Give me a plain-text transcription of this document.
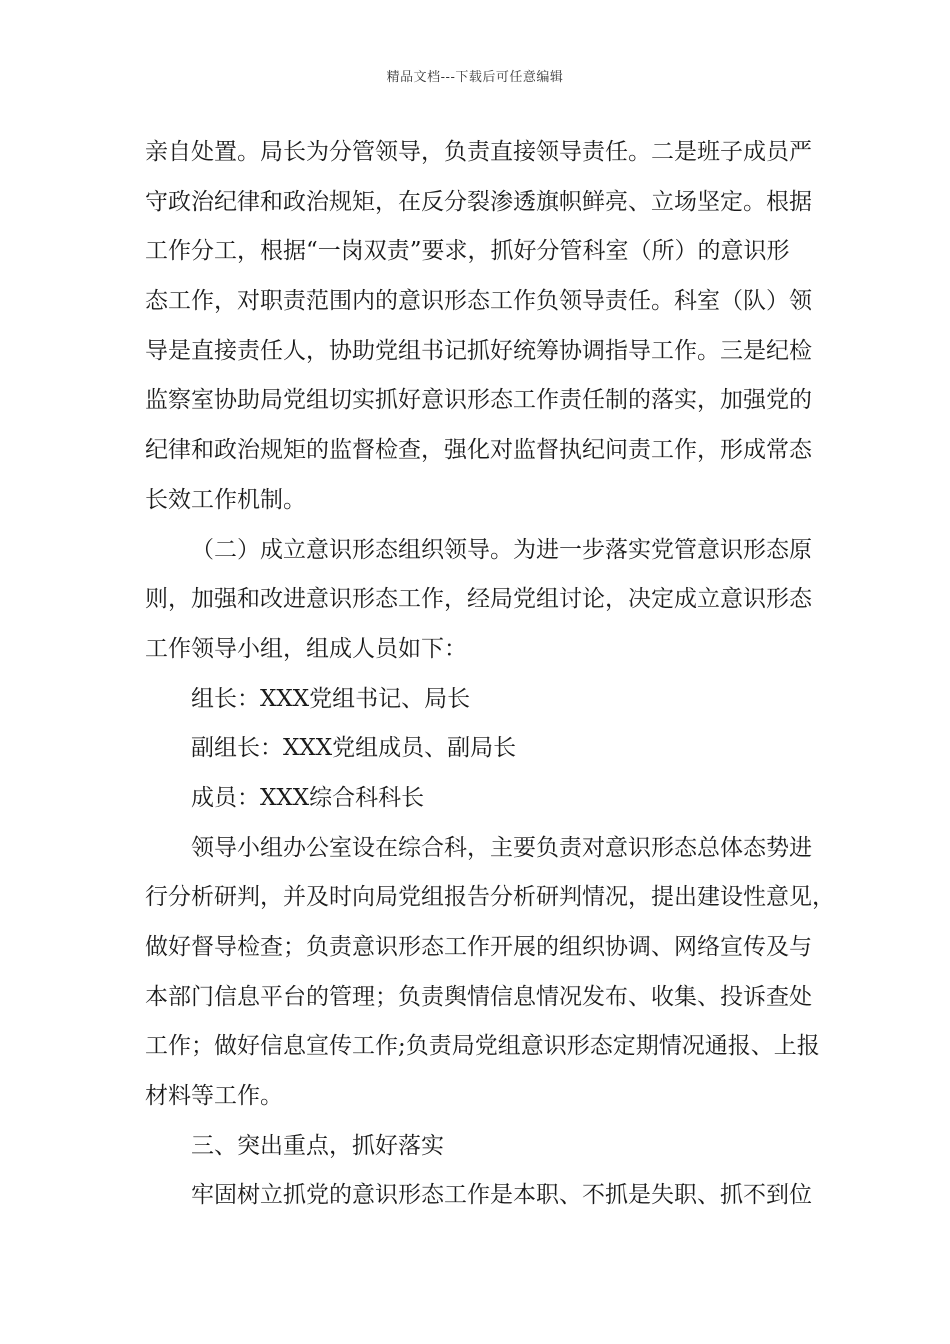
精品文档---下载后可任意编辑
亲自处置。局长为分管领导，负责直接领导责任。二是班子成员严
守政治纪律和政治规矩，在反分裂渗透旗帜鲜亮、立场坚定。根据
工作分工，根据“一岗双责”要求，抓好分管科室（所）的意识形
态工作，对职责范围内的意识形态工作负领导责任。科室（队）领
导是直接责任人，协助党组书记抓好统筹协调指导工作。三是纪检
监察室协助局党组切实抓好意识形态工作责任制的落实，加强党的
纪律和政治规矩的监督检查，强化对监督执纪问责工作，形成常态
长效工作机制。
（二）成立意识形态组织领导。为进一步落实党管意识形态原
则，加强和改进意识形态工作，经局党组讨论，决定成立意识形态
工作领导小组，组成人员如下：
组长：XXX党组书记、局长
副组长：XXX党组成员、副局长
成员：XXX综合科科长
领导小组办公室设在综合科，主要负责对意识形态总体态势进
行分析研判，并及时向局党组报告分析研判情况，提出建设性意见，
做好督导检查；负责意识形态工作开展的组织协调、网络宣传及与
本部门信息平台的管理；负责舆情信息情况发布、收集、投诉查处
工作；做好信息宣传工作;负责局党组意识形态定期情况通报、上报
材料等工作。
三、突出重点，抓好落实
牢固树立抓党的意识形态工作是本职、不抓是失职、抓不到位
